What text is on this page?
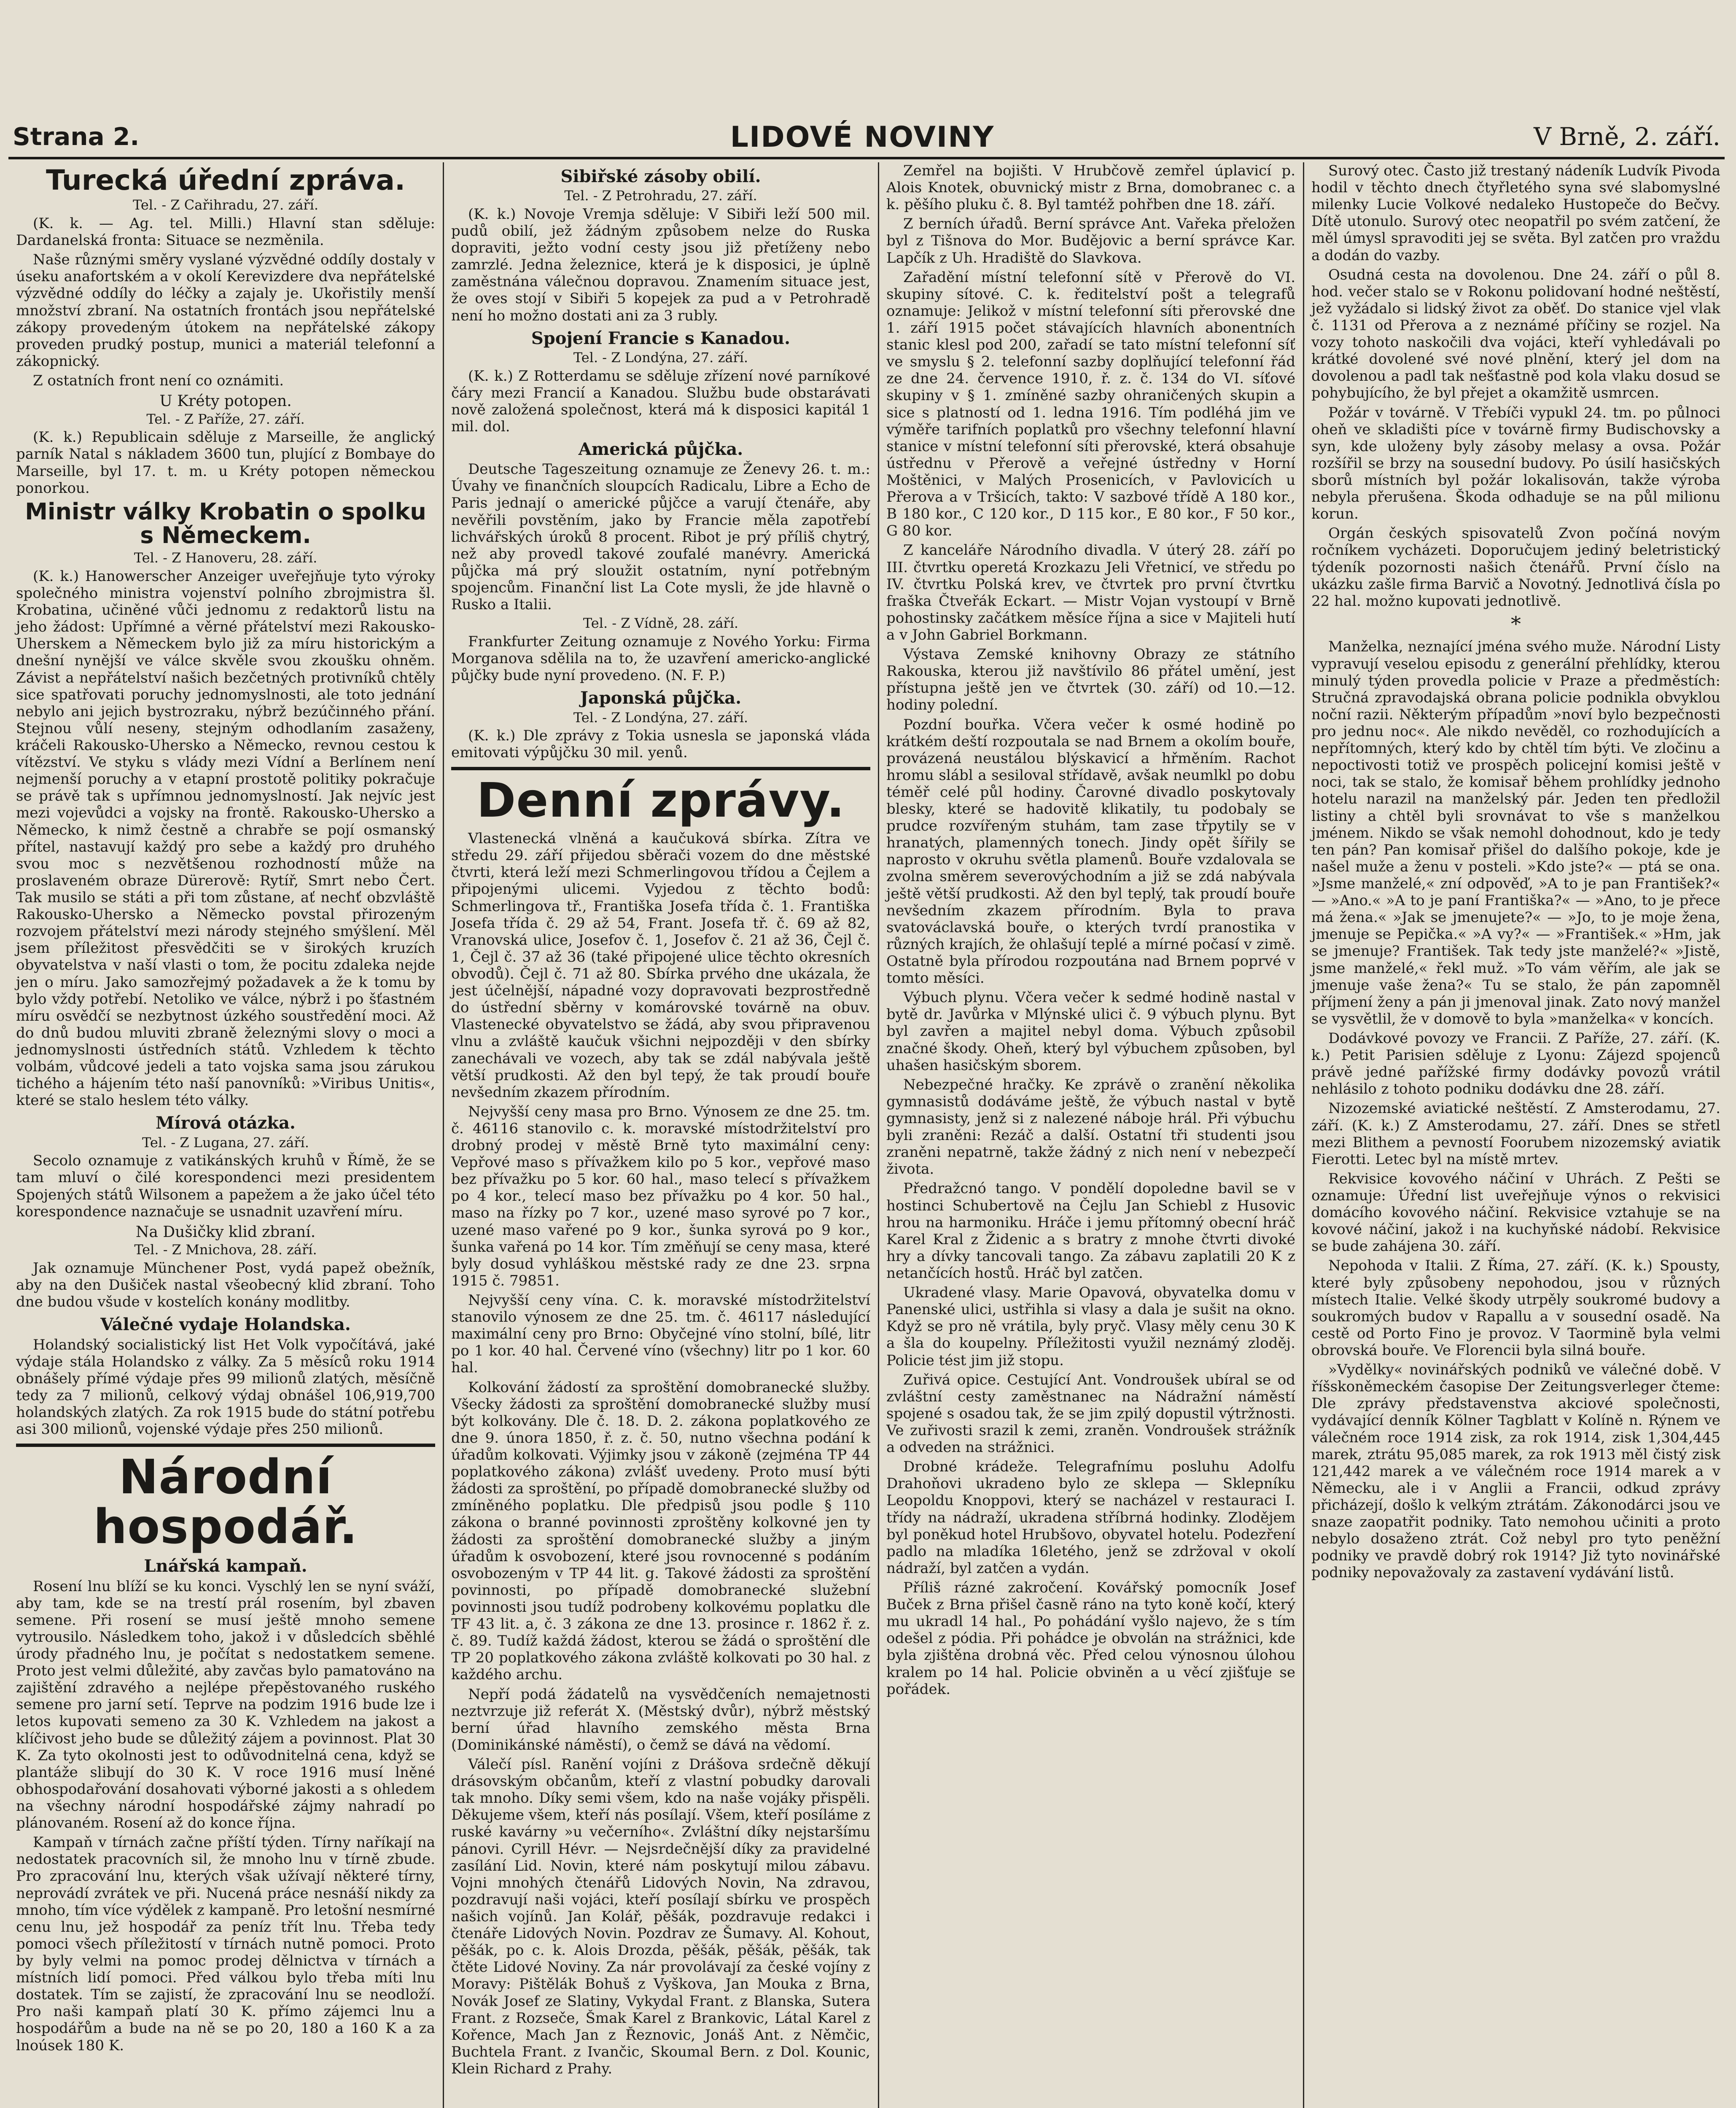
Strana 2.	LIDOVÉ NOVINY	V Brně, 2. září.
Turecká úřední zpráva.
Tel. - Z Cařihradu, 27. září.

(K. k. — Ag. tel. Milli.) Hlavní stan sděluje: Dardanelská fronta: Situace se nezměnila.

Naše různými směry vyslané výzvědné oddíly dostaly v úseku anafortském a v okolí Kerevizdere dva nepřátelské výzvědné oddíly do léčky a zajaly je. Ukořistily menší množství zbraní. Na ostatních frontách jsou nepřátelské zákopy provedeným útokem na nepřátelské zákopy proveden prudký postup, munici a materiál telefonní a zákopnický.

Z ostatních front není co oznámiti.

U Kréty potopen.
Tel. - Z Paříže, 27. září.

(K. k.) Republicain sděluje z Marseille, že anglický parník Natal s nákladem 3600 tun, plující z Bombaye do Marseille, byl 17. t. m. u Kréty potopen německou ponorkou.

Ministr války Krobatin o spolku s Německem.
Tel. - Z Hanoveru, 28. září.

(K. k.) Hanowerscher Anzeiger uveřejňuje tyto výroky společného ministra vojenství polního zbrojmistra šl. Krobatina, učiněné vůči jednomu z redaktorů listu na jeho žádost: Upřímné a věrné přátelství mezi Rakousko-Uherskem a Německem bylo již za míru historickým a dnešní nynější ve válce skvěle svou zkoušku ohněm. Závist a nepřátelství našich bezčetných protivníků chtěly sice spatřovati poruchy jednomyslnosti, ale toto jednání nebylo ani jejich bystrozraku, nýbrž bezúčinného přání. Stejnou vůlí neseny, stejným odhodlaním zasaženy, kráčeli Rakousko-Uhersko a Německo, revnou cestou k vítězství. Ve styku s vlády mezi Vídní a Berlínem není nejmenší poruchy a v etapní prostotě politiky pokračuje se právě tak s upřímnou jednomyslností. Jak nejvíc jest mezi vojevůdci a vojsky na frontě. Rakousko-Uhersko a Německo, k nimž čestně a chrabře se pojí osmanský přítel, nastavují každý pro sebe a každý pro druhého svou moc s nezvětšenou rozhodností může na proslaveném obraze Dürerově: Rytíř, Smrt nebo Čert. Tak musilo se státi a při tom zůstane, ať nechť obzvláště Rakousko-Uhersko a Německo povstal přirozeným rozvojem přátelství mezi národy stejného smýšlení. Měl jsem příležitost přesvědčiti se v širokých kruzích obyvatelstva v naší vlasti o tom, že pocitu zdaleka nejde jen o míru. Jako samozřejmý požadavek a že k tomu by bylo vždy potřebí. Netoliko ve válce, nýbrž i po šťastném míru osvědčí se nezbytnost úzkého soustředění moci. Až do dnů budou mluviti zbraně železnými slovy o moci a jednomyslnosti ústředních států. Vzhledem k těchto volbám, vůdcové jedeli a tato vojska sama jsou zárukou tichého a hájením této naší panovníků: »Viribus Unitis«, které se stalo heslem této války.

Mírová otázka.
Tel. - Z Lugana, 27. září.

Secolo oznamuje z vatikánských kruhů v Římě, že se tam mluví o čilé korespondenci mezi presidentem Spojených států Wilsonem a papežem a že jako účel této korespondence naznačuje se usnadnit uzavření míru.

Na Dušičky klid zbraní.
Tel. - Z Mnichova, 28. září.

Jak oznamuje Münchener Post, vydá papež obežník, aby na den Dušiček nastal všeobecný klid zbraní. Toho dne budou všude v kostelích konány modlitby.

Válečné vydaje Holandska.

Holandský socialistický list Het Volk vypočítává, jaké výdaje stála Holandsko z války. Za 5 měsíců roku 1914 obnášely přímé výdaje přes 99 milionů zlatých, měsíčně tedy za 7 milionů, celkový výdaj obnášel 106,919,700 holandských zlatých. Za rok 1915 bude do státní potřebu asi 300 milionů, vojenské výdaje přes 250 milionů.

Národní hospodář.
Lnářská kampaň.

Rosení lnu blíží se ku konci. Vyschlý len se nyní sváží, aby tam, kde se na trestí prál rosením, byl zbaven semene. Při rosení se musí ještě mnoho semene vytrousilo. Následkem toho, jakož i v důsledcích sběhlé úrody přadného lnu, je počítat s nedostatkem semene. Proto jest velmi důležité, aby zavčas bylo pamatováno na zajištění zdravého a nejlépe přepěstovaného ruského semene pro jarní setí. Teprve na podzim 1916 bude lze i letos kupovati semeno za 30 K. Vzhledem na jakost a klíčivost jeho bude se důležitý zájem a povinnost. Plat 30 K. Za tyto okolnosti jest to odůvodnitelná cena, když se plantáže slibují do 30 K. V roce 1916 musí lněné obhospodařování dosahovati výborné jakosti a s ohledem na všechny národní hospodářské zájmy nahradí po plánovaném. Rosení až do konce října.

Kampaň v tírnách začne příští týden. Tírny naříkají na nedostatek pracovních sil, že mnoho lnu v tírně zbude. Pro zpracování lnu, kterých však užívají některé tírny, neprovádí zvrátek ve při. Nucená práce nesnáší nikdy za mnoho, tím více výdělek z kampaně. Pro letošní nesmírné cenu lnu, jež hospodář za peníz třít lnu. Třeba tedy pomoci všech příležitostí v tírnách nutně pomoci. Proto by byly velmi na pomoc prodej dělnictva v tírnách a místních lidí pomoci. Před válkou bylo třeba míti lnu dostatek. Tím se zajistí, že zpracování lnu se neodloží. Pro naši kampaň platí 30 K. přímo zájemci lnu a hospodářům a bude na ně se po 20, 180 a 160 K a za lnoúsek 180 K.

Sibiřské zásoby obilí.
Tel. - Z Petrohradu, 27. září.

(K. k.) Novoje Vremja sděluje: V Sibiři leží 500 mil. pudů obilí, jež žádným způsobem nelze do Ruska dopraviti, ježto vodní cesty jsou již přetíženy nebo zamrzlé. Jedna železnice, která je k disposici, je úplně zaměstnána válečnou dopravou. Znamením situace jest, že oves stojí v Sibiři 5 kopejek za pud a v Petrohradě není ho možno dostati ani za 3 rubly.

Spojení Francie s Kanadou.
Tel. - Z Londýna, 27. září.

(K. k.) Z Rotterdamu se sděluje zřízení nové parníkové čáry mezi Francií a Kanadou. Službu bude obstarávati nově založená společnost, která má k disposici kapitál 1 mil. dol.

Americká půjčka.

Deutsche Tageszeitung oznamuje ze Ženevy 26. t. m.: Úvahy ve finančních sloupcích Radicalu, Libre a Echo de Paris jednají o americké půjčce a varují čtenáře, aby nevěřili povstěním, jako by Francie měla zapotřebí lichvářských úroků 8 procent. Ribot je prý příliš chytrý, než aby provedl takové zoufalé manévry. Americká půjčka má prý sloužit ostatním, nyní potřebným spojencům. Finanční list La Cote mysli, že jde hlavně o Rusko a Italii.

Tel. - Z Vídně, 28. září.

Frankfurter Zeitung oznamuje z Nového Yorku: Firma Morganova sdělila na to, že uzavření americko-anglické půjčky bude nyní provedeno. (N. F. P.)

Japonská půjčka.
Tel. - Z Londýna, 27. září.

(K. k.) Dle zprávy z Tokia usnesla se japonská vláda emitovati výpůjčku 30 mil. yenů.

Denní zprávy.

Vlastenecká vlněná a kaučuková sbírka. Zítra ve středu 29. září přijedou sběrači vozem do dne městské čtvrti, která leží mezi Schmerlingovou třídou a Čejlem a připojenými ulicemi. Vyjedou z těchto bodů: Schmerlingova tř., Františka Josefa třída č. 1. Františka Josefa třída č. 29 až 54, Frant. Josefa tř. č. 69 až 82, Vranovská ulice, Josefov č. 1, Josefov č. 21 až 36, Čejl č. 1, Čejl č. 37 až 36 (také připojené ulice těchto okresních obvodů). Čejl č. 71 až 80. Sbírka prvého dne ukázala, že jest účelnější, nápadné vozy dopravovati bezprostředně do ústřední sběrny v komárovské továrně na obuv. Vlastenecké obyvatelstvo se žádá, aby svou připravenou vlnu a zvláště kaučuk všichni nejpozději v den sbírky zanechávali ve vozech, aby tak se zdál nabývala ještě větší prudkosti. Až den byl tepý, že tak proudí bouře nevšedním zkazem přírodním.

Nejvyšší ceny masa pro Brno. Výnosem ze dne 25. tm. č. 46116 stanovilo c. k. moravské místodržitelství pro drobný prodej v městě Brně tyto maximální ceny: Vepřové maso s přívažkem kilo po 5 kor., vepřové maso bez přívažku po 5 kor. 60 hal., maso telecí s přívažkem po 4 kor., telecí maso bez přívažku po 4 kor. 50 hal., maso na řízky po 7 kor., uzené maso syrové po 7 kor., uzené maso vařené po 9 kor., šunka syrová po 9 kor., šunka vařená po 14 kor. Tím změňují se ceny masa, které byly dosud vyhláškou městské rady ze dne 23. srpna 1915 č. 79851.

Nejvyšší ceny vína. C. k. moravské místodržitelství stanovilo výnosem ze dne 25. tm. č. 46117 následující maximální ceny pro Brno: Obyčejné víno stolní, bílé, litr po 1 kor. 40 hal. Červené víno (všechny) litr po 1 kor. 60 hal.

Kolkování žádostí za sproštění domobranecké služby. Všecky žádosti za sproštění domobranecké služby musí být kolkovány. Dle č. 18. D. 2. zákona poplatkového ze dne 9. února 1850, ř. z. č. 50, nutno všechna podání k úřadům kolkovati. Výjimky jsou v zákoně (zejména TP 44 poplatkového zákona) zvlášť uvedeny. Proto musí býti žádosti za sproštění, po případě domobranecké služby od zmíněného poplatku. Dle předpisů jsou podle § 110 zákona o branné povinnosti zproštěny kolkovné jen ty žádosti za sproštění domobranecké služby a jiným úřadům k osvobození, které jsou rovnocenné s podáním osvobozeným v TP 44 lit. g. Takové žádosti za sproštění povinnosti, po případě domobranecké služební povinnosti jsou tudíž podrobeny kolkovému poplatku dle TF 43 lit. a, č. 3 zákona ze dne 13. prosince r. 1862 ř. z. č. 89. Tudíž každá žádost, kterou se žádá o sproštění dle TP 20 poplatkového zákona zvláště kolkovati po 30 hal. z každého archu.

Nepří podá žádatelů na vysvědčeních nemajetnosti neztvrzuje již referát X. (Městský dvůr), nýbrž městský berní úřad hlavního zemského města Brna (Dominikánské náměstí), o čemž se dává na vědomí.

Válečí písl. Ranění vojíni z Drášova srdečně děkují drásovským občanům, kteří z vlastní pobudky darovali tak mnoho. Díky semi všem, kdo na naše vojáky přispěli. Děkujeme všem, kteří nás posílají. Všem, kteří posíláme z ruské kavárny »u večerního«. Zvláštní díky nejstaršímu pánovi. Cyrill Hévr. — Nejsrdečnější díky za pravidelné zasílání Lid. Novin, které nám poskytují milou zábavu. Vojni mnohých čtenářů Lidových Novin, Na zdravou, pozdravují naši vojáci, kteří posílají sbírku ve prospěch našich vojínů. Jan Kolář, pěšák, pozdravuje redakci i čtenáře Lidových Novin. Pozdrav ze Šumavy. Al. Kohout, pěšák, po c. k. Alois Drozda, pěšák, pěšák, pěšák, tak čtěte Lidové Noviny. Za nár provolávají za české vojíny z Moravy: Pištělák Bohuš z Vyškova, Jan Mouka z Brna, Novák Josef ze Slatiny, Vykydal Frant. z Blanska, Sutera Frant. z Rozseče, Šmak Karel z Brankovic, Látal Karel z Kořence, Mach Jan z Řeznovic, Jonáš Ant. z Němčic, Buchtela Frant. z Ivančic, Skoumal Bern. z Dol. Kounic, Klein Richard z Prahy.

Zemřel na bojišti. V Hrubčově zemřel úplavicí p. Alois Knotek, obuvnický mistr z Brna, domobranec c. a k. pěšího pluku č. 8. Byl tamtéž pohřben dne 18. září.

Z berních úřadů. Berní správce Ant. Vařeka přeložen byl z Tišnova do Mor. Budějovic a berní správce Kar. Lapčík z Uh. Hradiště do Slavkova.

Zařadění místní telefonní sítě v Přerově do VI. skupiny sítové. C. k. ředitelství pošt a telegrafů oznamuje: Jelikož v místní telefonní síti přerovské dne 1. září 1915 počet stávajících hlavních abonentních stanic klesl pod 200, zařadí se tato místní telefonní síť ve smyslu § 2. telefonní sazby doplňující telefonní řád ze dne 24. července 1910, ř. z. č. 134 do VI. síťové skupiny v § 1. zmíněné sazby ohraničených skupin a sice s platností od 1. ledna 1916. Tím podléhá jim ve výměře tarifních poplatků pro všechny telefonní hlavní stanice v místní telefonní síti přerovské, která obsahuje ústřednu v Přerově a veřejné ústředny v Horní Moštěnici, v Malých Prosenicích, v Pavlovicích u Přerova a v Tršicích, takto: V sazbové třídě A 180 kor., B 180 kor., C 120 kor., D 115 kor., E 80 kor., F 50 kor., G 80 kor.

Z kanceláře Národního divadla. V úterý 28. září po III. čtvrtku operetá Krozkazu Jeli Vřetnicí, ve středu po IV. čtvrtku Polská krev, ve čtvrtek pro první čtvrtku fraška Čtveřák Eckart. — Mistr Vojan vystoupí v Brně pohostinsky začátkem měsíce října a sice v Majiteli hutí a v John Gabriel Borkmann.

Výstava Zemské knihovny Obrazy ze státního Rakouska, kterou již navštívilo 86 přátel umění, jest přístupna ještě jen ve čtvrtek (30. září) od 10.—12. hodiny polední.

Pozdní bouřka. Včera večer k osmé hodině po krátkém deští rozpoutala se nad Brnem a okolím bouře, provázená neustálou blýskavicí a hřměním. Rachot hromu slábl a sesiloval střídavě, avšak neumlkl po dobu téměř celé půl hodiny. Čarovné divadlo poskytovaly blesky, které se hadovitě klikatily, tu podobaly se prudce rozvířeným stuhám, tam zase třpytily se v hranatých, plamenných tonech. Jindy opět šířily se naprosto v okruhu světla plamenů. Bouře vzdalovala se zvolna směrem severovýchodním a již se zdá nabývala ještě větší prudkosti. Až den byl teplý, tak proudí bouře nevšedním zkazem přírodním. Byla to prava svatováclavská bouře, o kterých tvrdí pranostika v různých krajích, že ohlašují teplé a mírné počasí v zimě. Ostatně byla přírodou rozpoutána nad Brnem poprvé v tomto měsíci.

Výbuch plynu. Včera večer k sedmé hodině nastal v bytě dr. Javůrka v Mlýnské ulici č. 9 výbuch plynu. Byt byl zavřen a majitel nebyl doma. Výbuch způsobil značné škody. Oheň, který byl výbuchem způsoben, byl uhašen hasičským sborem.

Nebezpečné hračky. Ke zprávě o zranění několika gymnasistů dodáváme ještě, že výbuch nastal v bytě gymnasisty, jenž si z nalezené náboje hrál. Při výbuchu byli zraněni: Rezáč a další. Ostatní tři studenti jsou zraněni nepatrně, takže žádný z nich není v nebezpečí života.

Předražcnó tango. V pondělí dopoledne bavil se v hostinci Schubertově na Čejlu Jan Schiebl z Husovic hrou na harmoniku. Hráče i jemu přítomný obecní hráč Karel Kral z Židenic a s bratry z mnohe čtvrti divoké hry a dívky tancovali tango. Za zábavu zaplatili 20 K z netančících hostů. Hráč byl zatčen.

Ukradené vlasy. Marie Opavová, obyvatelka domu v Panenské ulici, ustřihla si vlasy a dala je sušit na okno. Když se pro ně vrátila, byly pryč. Vlasy měly cenu 30 K a šla do koupelny. Příležitosti využil neznámý zloděj. Policie tést jim již stopu.

Zuřivá opice. Cestující Ant. Vondroušek ubíral se od zvláštní cesty zaměstnanec na Nádražní náměstí spojené s osadou tak, že se jim zpilý dopustil výtržnosti. Ve zuřivosti srazil k zemi, zraněn. Vondroušek strážník a odveden na strážnici.

Drobné krádeže. Telegrafnímu posluhu Adolfu Drahoňovi ukradeno bylo ze sklepa — Sklepníku Leopoldu Knoppovi, který se nacházel v restauraci I. třídy na nádraží, ukradena stříbrná hodinky. Zlodějem byl poněkud hotel Hrubšovo, obyvatel hotelu. Podezření padlo na mladíka 16letého, jenž se zdržoval v okolí nádraží, byl zatčen a vydán.

Příliš rázné zakročení. Kovářský pomocník Josef Buček z Brna přišel časně ráno na tyto koně kočí, který mu ukradl 14 hal., Po pohádání vyšlo najevo, že s tím odešel z pódia. Při pohádce je obvolán na strážnici, kde byla zjištěna drobná věc. Před celou výnosnou úlohou kralem po 14 hal. Policie obviněn a u věcí zjišťuje se pořádek.

Surový otec. Často již trestaný nádeník Ludvík Pivoda hodil v těchto dnech čtyřletého syna své slabomyslné milenky Lucie Volkové nedaleko Hustopeče do Bečvy. Dítě utonulo. Surový otec neopatřil po svém zatčení, že měl úmysl spravoditi jej se světa. Byl zatčen pro vraždu a dodán do vazby.

Osudná cesta na dovolenou. Dne 24. září o půl 8. hod. večer stalo se v Rokonu polidovaní hodné neštěstí, jež vyžádalo si lidský život za oběť. Do stanice vjel vlak č. 1131 od Přerova a z neznámé příčiny se rozjel. Na vozy tohoto naskočili dva vojáci, kteří vyhledávali po krátké dovolené své nové plnění, který jel dom na dovolenou a padl tak nešťastně pod kola vlaku dosud se pohybujícího, že byl přejet a okamžitě usmrcen.

Požár v továrně. V Třebíči vypukl 24. tm. po půlnoci oheň ve skladišti píce v továrně firmy Budischovsky a syn, kde uloženy byly zásoby melasy a ovsa. Požár rozšířil se brzy na sousední budovy. Po úsilí hasičských sborů místních byl požár lokalisován, takže výroba nebyla přerušena. Škoda odhaduje se na půl milionu korun.

Orgán českých spisovatelů Zvon počíná novým ročníkem vycházeti. Doporučujem jediný beletristický týdeník pozornosti našich čtenářů. První číslo na ukázku zašle firma Barvič a Novotný. Jednotlivá čísla po 22 hal. možno kupovati jednotlivě.

*

Manželka, neznající jména svého muže. Národní Listy vypravují veselou episodu z generální přehlídky, kterou minulý týden provedla policie v Praze a předměstích: Stručná zpravodajská obrana policie podnikla obvyklou noční razii. Některým případům »noví bylo bezpečnosti pro jednu noc«. Ale nikdo nevěděl, co rozhodujících a nepřítomných, který kdo by chtěl tím býti. Ve zločinu a nepoctivosti totiž ve prospěch policejní komisi ještě v noci, tak se stalo, že komisař během prohlídky jednoho hotelu narazil na manželský pár. Jeden ten předložil listiny a chtěl byli srovnávat to vše s manželkou jménem. Nikdo se však nemohl dohodnout, kdo je tedy ten pán? Pan komisař přišel do dalšího pokoje, kde je našel muže a ženu v posteli. »Kdo jste?« — ptá se ona. »Jsme manželé,« zní odpověď, »A to je pan František?« — »Ano.« »A to je paní Františka?« — »Ano, to je přece má žena.« »Jak se jmenujete?« — »Jo, to je moje žena, jmenuje se Pepička.« »A vy?« — »František.« »Hm, jak se jmenuje? František. Tak tedy jste manželé?« »Jistě, jsme manželé,« řekl muž. »To vám věřím, ale jak se jmenuje vaše žena?« Tu se stalo, že pán zapomněl příjmení ženy a pán ji jmenoval jinak. Zato nový manžel se vysvětlil, že v domově to byla »manželka« v koncích.

Dodávkové povozy ve Francii. Z Paříže, 27. září. (K. k.) Petit Parisien sděluje z Lyonu: Zájezd spojenců právě jedné pařížské firmy dodávky povozů vrátil nehlásilo z tohoto podniku dodávku dne 28. září.

Nizozemské aviatické neštěstí. Z Amsterodamu, 27. září. (K. k.) Z Amsterodamu, 27. září. Dnes se střetl mezi Blithem a pevností Foorubem nizozemský aviatik Fierotti. Letec byl na místě mrtev.

Rekvisice kovového náčiní v Uhrách. Z Pešti se oznamuje: Úřední list uveřejňuje výnos o rekvisici domácího kovového náčiní. Rekvisice vztahuje se na kovové náčiní, jakož i na kuchyňské nádobí. Rekvisice se bude zahájena 30. září.

Nepohoda v Italii. Z Říma, 27. září. (K. k.) Spousty, které byly způsobeny nepohodou, jsou v různých místech Italie. Velké škody utrpěly soukromé budovy a soukromých budov v Rapallu a v sousední osadě. Na cestě od Porto Fino je provoz. V Taormině byla velmi obrovská bouře. Ve Florencii byla silná bouře.

»Vydělky« novinářských podniků ve válečné době. V říšskoněmeckém časopise Der Zeitungsverleger čteme: Dle zprávy představenstva akciové společnosti, vydávající denník Kölner Tagblatt v Kolíně n. Rýnem ve válečném roce 1914 zisk, za rok 1914, zisk 1,304,445 marek, ztrátu 95,085 marek, za rok 1913 měl čistý zisk 121,442 marek a ve válečném roce 1914 marek a v Německu, ale i v Anglii a Francii, odkud zprávy přicházejí, došlo k velkým ztrátám. Zákonodárci jsou ve snaze zaopatřit podniky. Tato nemohou učiniti a proto nebylo dosaženo ztrát. Což nebyl pro tyto peněžní podniky ve pravdě dobrý rok 1914? Již tyto novinářské podniky nepovažovaly za zastavení vydávání listů.
